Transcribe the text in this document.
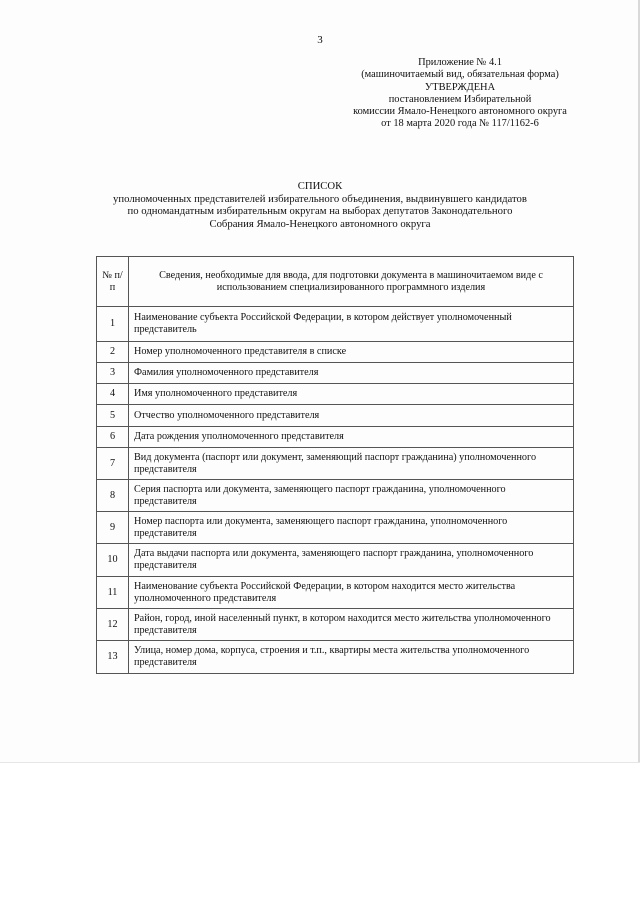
3
Приложение № 4.1
(машиночитаемый вид, обязательная форма)
УТВЕРЖДЕНА
постановлением Избирательной
комиссии Ямало-Ненецкого автономного округа
от 18 марта 2020 года № 117/1162-6
СПИСОК
уполномоченных представителей избирательного объединения, выдвинувшего кандидатов
по одномандатным избирательным округам на выборах депутатов Законодательного
Собрания Ямало-Ненецкого автономного округа
№ п/п	Сведения, необходимые для ввода, для подготовки документа в машиночитаемом виде с использованием специализированного программного изделия
1	Наименование субъекта Российской Федерации, в котором действует уполномоченный представитель
2	Номер уполномоченного представителя в списке
3	Фамилия уполномоченного представителя
4	Имя уполномоченного представителя
5	Отчество уполномоченного представителя
6	Дата рождения уполномоченного представителя
7	Вид документа (паспорт или документ, заменяющий паспорт гражданина) уполномоченного представителя
8	Серия паспорта или документа, заменяющего паспорт гражданина, уполномоченного представителя
9	Номер паспорта или документа, заменяющего паспорт гражданина, уполномоченного представителя
10	Дата выдачи паспорта или документа, заменяющего паспорт гражданина, уполномоченного представителя
11	Наименование субъекта Российской Федерации, в котором находится место жительства уполномоченного представителя
12	Район, город, иной населенный пункт, в котором находится место жительства уполномоченного представителя
13	Улица, номер дома, корпуса, строения и т.п., квартиры места жительства уполномоченного представителя
